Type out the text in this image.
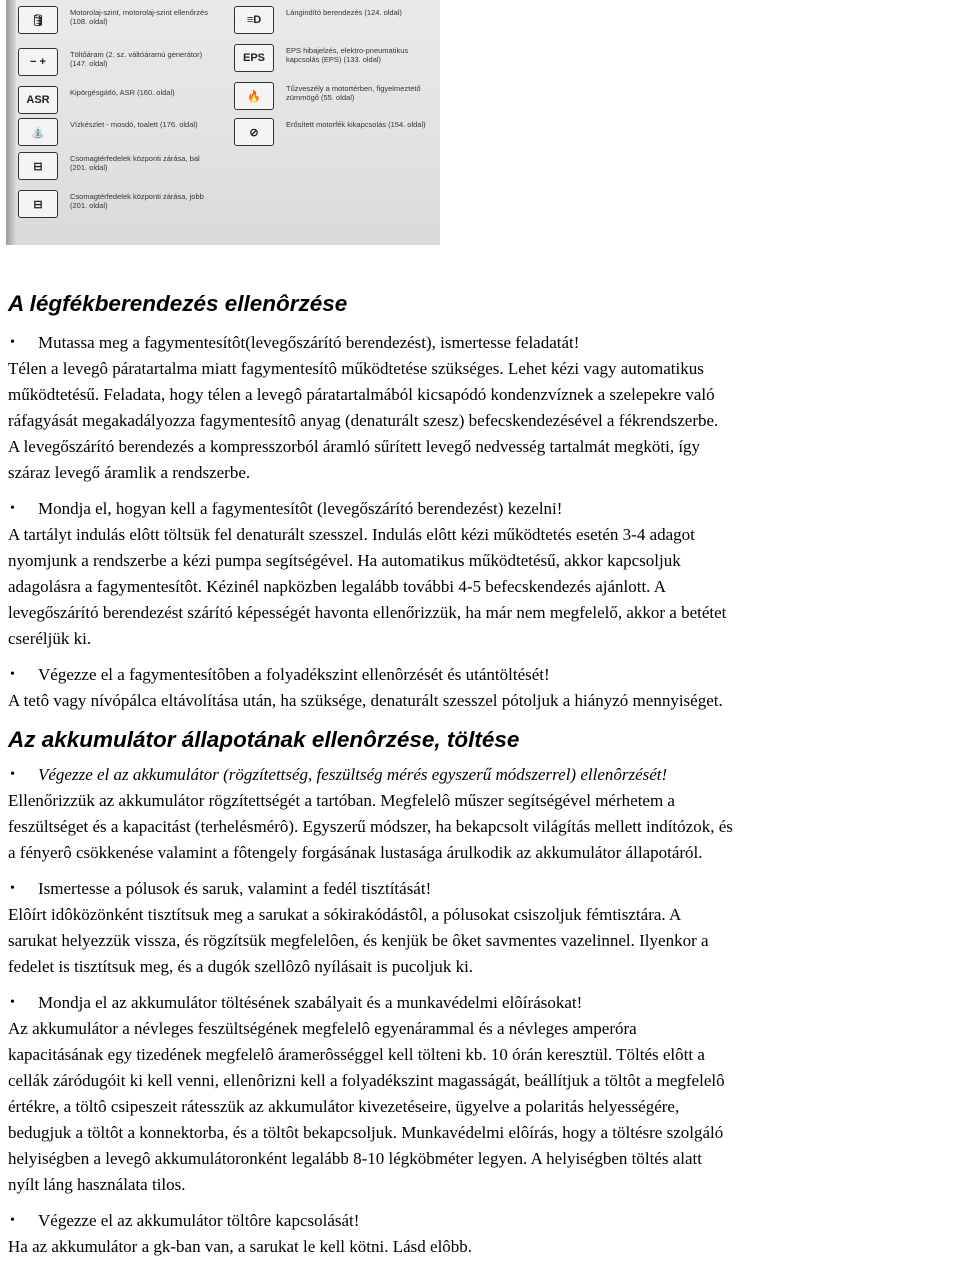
🛢
Motorolaj-szint, motorolaj-szint ellenőrzés
(108. oldal)
− +
Töltőáram (2. sz. váltóáramú generátor)
(147. oldal)
ASR
Kipörgésgátló, ASR (160. oldal)
⛲
Vízkészlet - mosdó, toalett (176. oldal)
⊟
Csomagtérfedelek központi zárása, bal
(201. oldal)
⊟
Csomagtérfedelek központi zárása, jobb
(201. oldal)
≡D
Lángindító berendezés (124. oldal)
EPS
EPS hibajelzés, elektro-pneumatikus
kapcsolás (EPS) (133. oldal)
🔥
Tűzveszély a motortérben, figyelmeztető
zümmögő (55. oldal)
⊘
Erősített motorfék kikapcsolás (154. oldal)
A légfékberendezés ellenôrzése

• Mutassa meg a fagymentesítôt(levegőszárító berendezést), ismertesse feladatát!

Télen a levegô páratartalma miatt fagymentesítô működtetése szükséges. Lehet kézi vagy automatikus
működtetésű. Feladata, hogy télen a levegô páratartalmából kicsapódó kondenzvíznek a szelepekre való
ráfagyását megakadályozza fagymentesítô anyag (denaturált szesz) befecskendezésével a fékrendszerbe.
A levegőszárító berendezés a kompresszorból áramló sűrített levegő nedvesség tartalmát megköti, így
száraz levegő áramlik a rendszerbe.

• Mondja el, hogyan kell a fagymentesítôt (levegőszárító berendezést) kezelni!

A tartályt indulás elôtt töltsük fel denaturált szesszel. Indulás elôtt kézi működtetés esetén 3-4 adagot
nyomjunk a rendszerbe a kézi pumpa segítségével. Ha automatikus működtetésű, akkor kapcsoljuk
adagolásra a fagymentesítôt. Kézinél napközben legalább további 4-5 befecskendezés ajánlott. A
levegőszárító berendezést szárító képességét havonta ellenőrizzük, ha már nem megfelelő, akkor a betétet
cseréljük ki.

• Végezze el a fagymentesítôben a folyadékszint ellenôrzését és utántöltését!

A tetô vagy nívópálca eltávolítása után, ha szüksége, denaturált szesszel pótoljuk a hiányzó mennyiséget.
Az akkumulátor állapotának ellenôrzése, töltése

• Végezze el az akkumulátor (rögzítettség, feszültség mérés egyszerű módszerrel) ellenôrzését!

Ellenőrizzük az akkumulátor rögzítettségét a tartóban. Megfelelô műszer segítségével mérhetem a
feszültséget és a kapacitást (terhelésmérô). Egyszerű módszer, ha bekapcsolt világítás mellett indítózok, és
a fényerô csökkenése valamint a fôtengely forgásának lustasága árulkodik az akkumulátor állapotáról.

• Ismertesse a pólusok és saruk, valamint a fedél tisztítását!

Elôírt idôközönként tisztítsuk meg a sarukat a sókirakódástôl, a pólusokat csiszoljuk fémtisztára. A
sarukat helyezzük vissza, és rögzítsük megfelelôen, és kenjük be ôket savmentes vazelinnel. Ilyenkor a
fedelet is tisztítsuk meg, és a dugók szellôzô nyílásait is pucoljuk ki.

• Mondja el az akkumulátor töltésének szabályait és a munkavédelmi elôírásokat!

Az akkumulátor a névleges feszültségének megfelelô egyenárammal és a névleges amperóra
kapacitásának egy tizedének megfelelô áramerôsséggel kell tölteni kb. 10 órán keresztül. Töltés elôtt a
cellák záródugóit ki kell venni, ellenôrizni kell a folyadékszint magasságát, beállítjuk a töltôt a megfelelô
értékre, a töltô csipeszeit rátesszük az akkumulátor kivezetéseire, ügyelve a polaritás helyességére,
bedugjuk a töltôt a konnektorba, és a töltôt bekapcsoljuk. Munkavédelmi elôírás, hogy a töltésre szolgáló
helyiségben a levegô akkumulátoronként legalább 8-10 légköbméter legyen. A helyiségben töltés alatt
nyílt láng használata tilos.

• Végezze el az akkumulátor töltôre kapcsolását!

Ha az akkumulátor a gk-ban van, a sarukat le kell kötni. Lásd elôbb.
